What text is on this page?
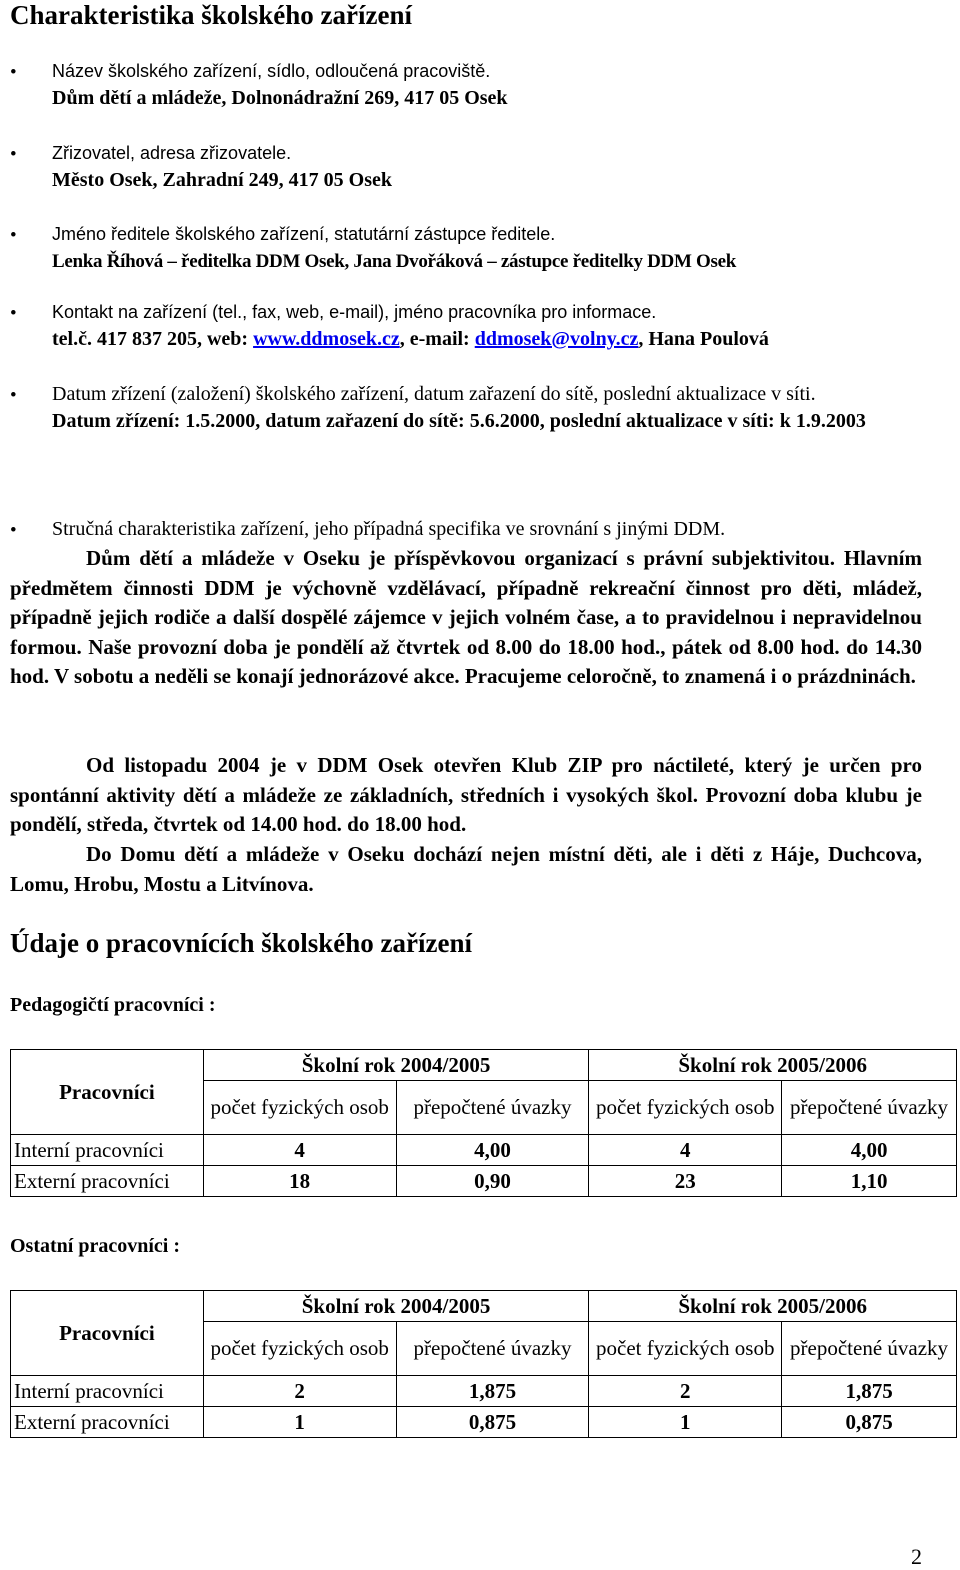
Charakteristika školského zařízení
• Název školského zařízení, sídlo, odloučená pracoviště.
Dům dětí a mládeže, Dolnonádražní 269, 417 05 Osek
• Zřizovatel, adresa zřizovatele.
Město Osek, Zahradní 249, 417 05 Osek
• Jméno ředitele školského zařízení, statutární zástupce ředitele.
Lenka Říhová – ředitelka DDM Osek, Jana Dvořáková – zástupce ředitelky DDM Osek
• Kontakt na zařízení (tel., fax, web, e-mail), jméno pracovníka pro informace.
tel.č. 417 837 205, web: www.ddmosek.cz, e-mail: ddmosek@volny.cz, Hana Poulová
• Datum zřízení (založení) školského zařízení, datum zařazení do sítě, poslední aktualizace v síti.
Datum zřízení: 1.5.2000, datum zařazení do sítě: 5.6.2000, poslední aktualizace v síti: k 1.9.2003
• Stručná charakteristika zařízení, jeho případná specifika ve srovnání s jinými DDM.
Dům dětí a mládeže v Oseku je příspěvkovou organizací s právní subjektivitou. Hlavním předmětem činnosti DDM je výchovně vzdělávací, případně rekreační činnost pro děti, mládež, případně jejich rodiče a další dospělé zájemce v jejich volném čase, a to pravidelnou i nepravidelnou formou. Naše provozní doba je pondělí až čtvrtek od 8.00 do 18.00 hod., pátek od 8.00 hod. do 14.30 hod. V sobotu a neděli se konají jednorázové akce. Pracujeme celoročně, to znamená i o prázdninách.
Od listopadu 2004 je v DDM Osek otevřen Klub ZIP pro náctileté, který je určen pro spontánní aktivity dětí a mládeže ze základních, středních i vysokých škol. Provozní doba klubu je pondělí, středa, čtvrtek od 14.00 hod. do 18.00 hod.
Do Domu dětí a mládeže v Oseku dochází nejen místní děti, ale i děti z Háje, Duchcova, Lomu, Hrobu, Mostu a Litvínova.
Údaje o pracovnících školského zařízení
Pedagogičtí pracovníci :
Pracovníci	Školní rok 2004/2005		Školní rok 2005/2006	
	počet fyzických osob	přepočtené úvazky	počet fyzických osob	přepočtené úvazky
Interní pracovníci	4	4,00	4	4,00
Externí pracovníci	18	0,90	23	1,10
Ostatní pracovníci :
Pracovníci	Školní rok 2004/2005		Školní rok 2005/2006	
	počet fyzických osob	přepočtené úvazky	počet fyzických osob	přepočtené úvazky
Interní pracovníci	2	1,875	2	1,875
Externí pracovníci	1	0,875	1	0,875
2
